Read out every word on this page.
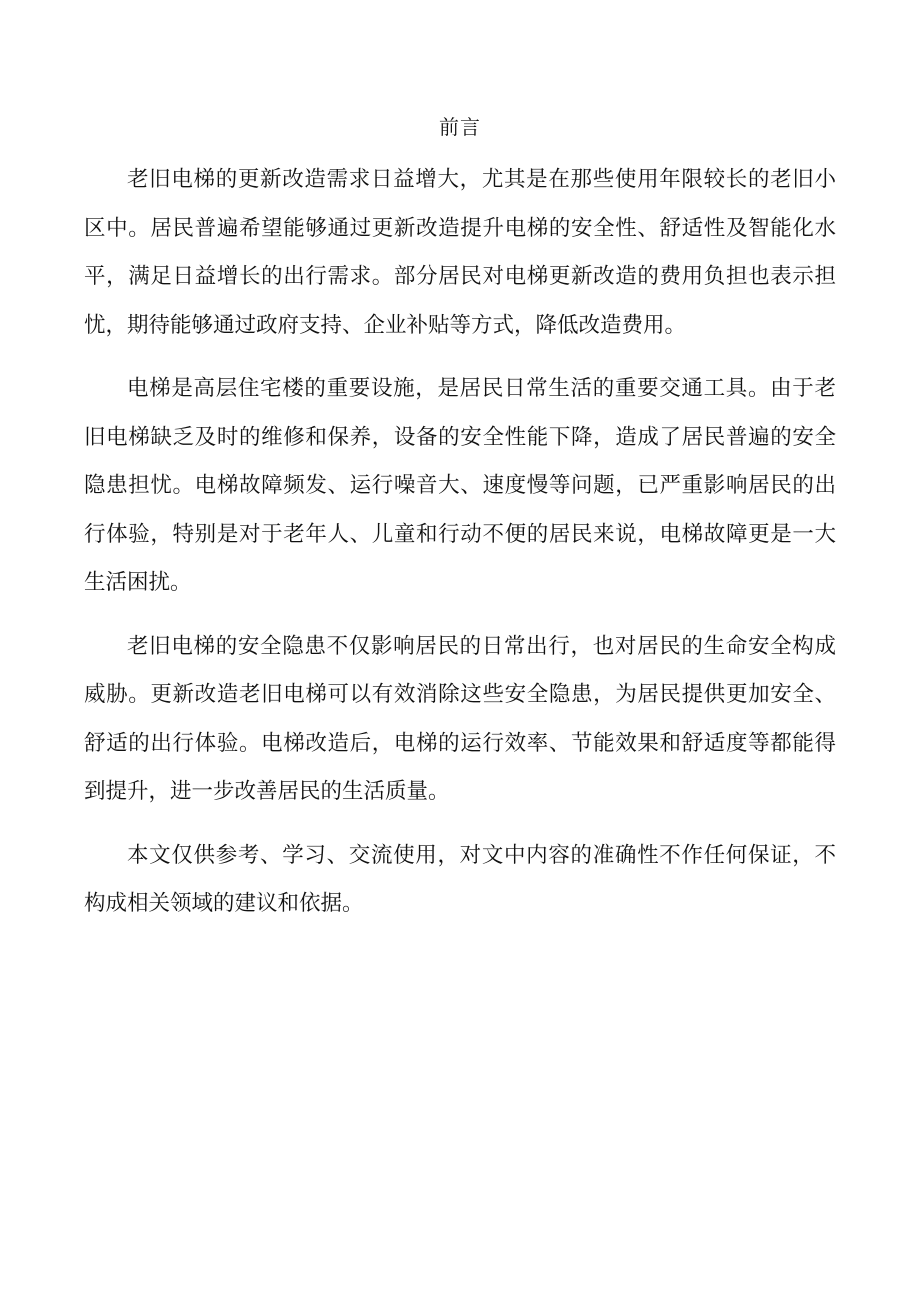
前言

老旧电梯的更新改造需求日益增大，尤其是在那些使用年限较长的老旧小区中。居民普遍希望能够通过更新改造提升电梯的安全性、舒适性及智能化水平，满足日益增长的出行需求。部分居民对电梯更新改造的费用负担也表示担忧，期待能够通过政府支持、企业补贴等方式，降低改造费用。

电梯是高层住宅楼的重要设施，是居民日常生活的重要交通工具。由于老旧电梯缺乏及时的维修和保养，设备的安全性能下降，造成了居民普遍的安全隐患担忧。电梯故障频发、运行噪音大、速度慢等问题，已严重影响居民的出行体验，特别是对于老年人、儿童和行动不便的居民来说，电梯故障更是一大生活困扰。

老旧电梯的安全隐患不仅影响居民的日常出行，也对居民的生命安全构成威胁。更新改造老旧电梯可以有效消除这些安全隐患，为居民提供更加安全、舒适的出行体验。电梯改造后，电梯的运行效率、节能效果和舒适度等都能得到提升，进一步改善居民的生活质量。

本文仅供参考、学习、交流使用，对文中内容的准确性不作任何保证，不构成相关领域的建议和依据。
